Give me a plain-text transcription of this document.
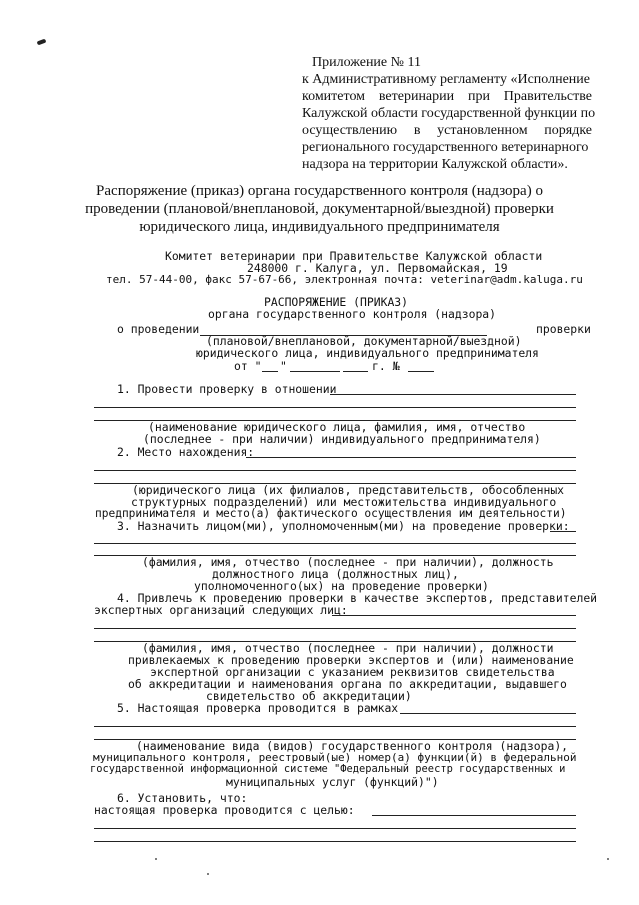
Приложение № 11
к Административному регламенту «Исполнение
комитетом ветеринарии при Правительстве
Калужской области государственной функции по
осуществлению в установленном порядке
регионального государственного ветеринарного
надзора на территории Калужской области».
Распоряжение (приказ) органа государственного контроля (надзора) о
проведении (плановой/внеплановой, документарной/выездной) проверки
юридического лица, индивидуального предпринимателя
Комитет ветеринарии при Правительстве Калужской области
248000 г. Калуга, ул. Первомайская, 19
тел. 57-44-00, факс 57-67-66, электронная почта: veterinar@adm.kaluga.ru
РАСПОРЯЖЕНИЕ (ПРИКАЗ)
органа государственного контроля (надзора)
о проведении	проверки
(плановой/внеплановой, документарной/выездной)
юридического лица, индивидуального предпринимателя
от " "	г. №
1. Провести проверку в отношении
(наименование юридического лица, фамилия, имя, отчество
(последнее - при наличии) индивидуального предпринимателя)
2. Место нахождения:
(юридического лица (их филиалов, представительств, обособленных
структурных подразделений) или местожительства индивидуального
предпринимателя и место(а) фактического осуществления им деятельности)
3. Назначить лицом(ми), уполномоченным(ми) на проведение проверки:
(фамилия, имя, отчество (последнее - при наличии), должность
должностного лица (должностных лиц),
уполномоченного(ых) на проведение проверки)
4. Привлечь к проведению проверки в качестве экспертов, представителей
экспертных организаций следующих лиц:
(фамилия, имя, отчество (последнее - при наличии), должности
привлекаемых к проведению проверки экспертов и (или) наименование
экспертной организации с указанием реквизитов свидетельства
об аккредитации и наименования органа по аккредитации, выдавшего
свидетельство об аккредитации)
5. Настоящая проверка проводится в рамках
(наименование вида (видов) государственного контроля (надзора),
муниципального контроля, реестровый(ые) номер(а) функции(й) в федеральной
государственной информационной системе "Федеральный реестр государственных и
муниципальных услуг (функций)")
6. Установить, что:
настоящая проверка проводится с целью:
